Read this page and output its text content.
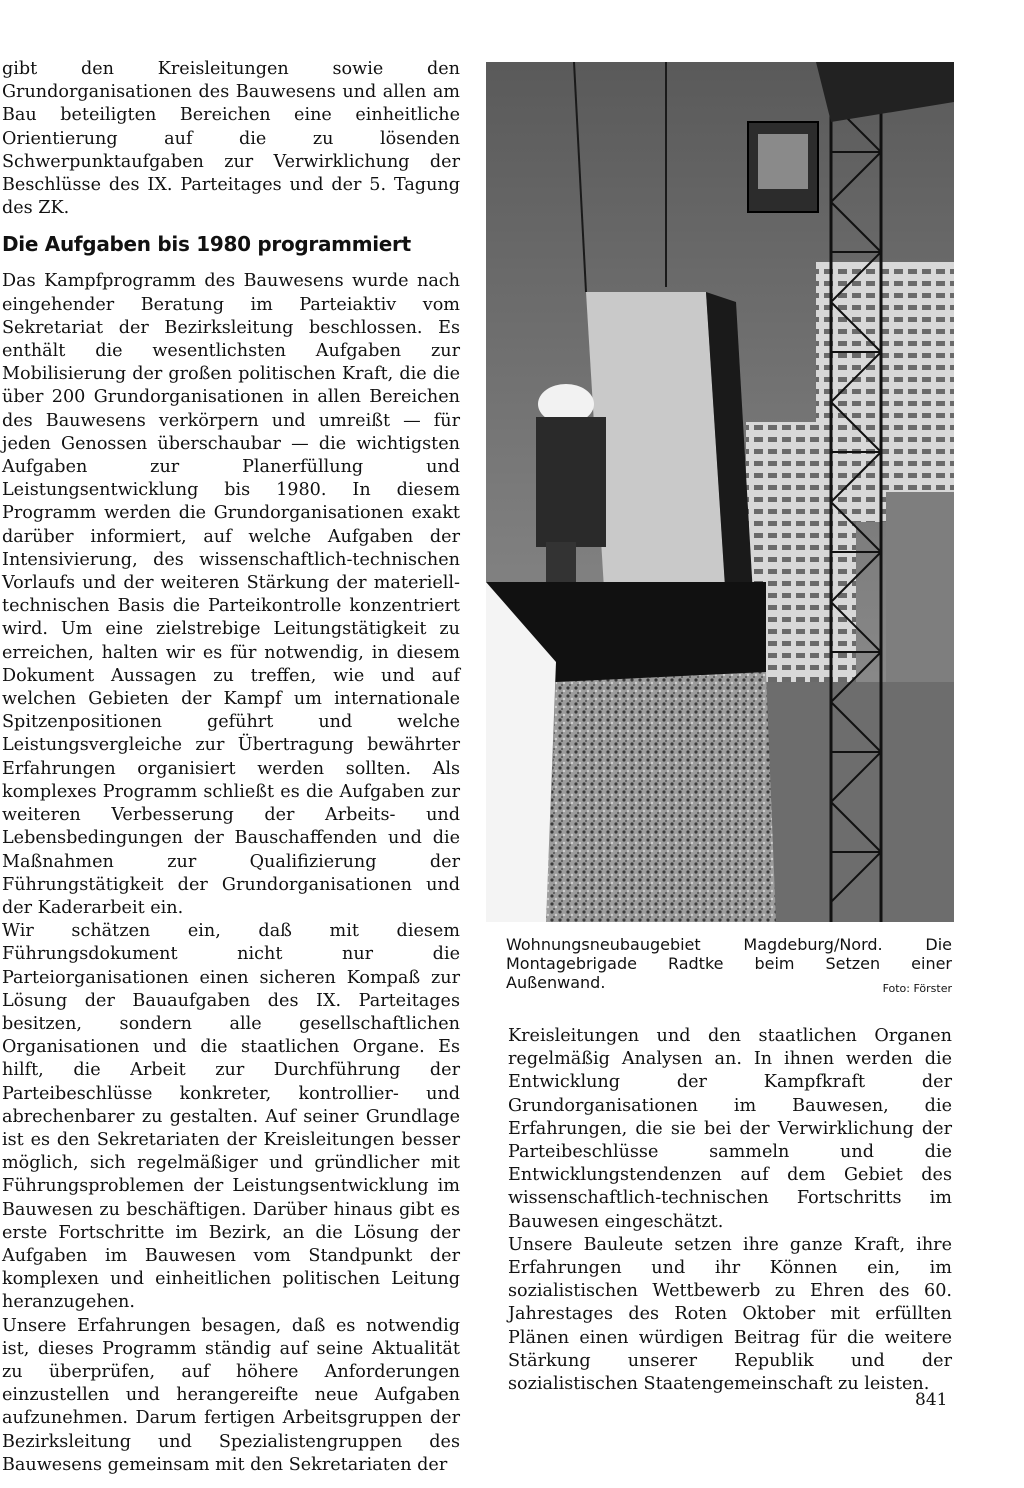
gibt den Kreisleitungen sowie den Grundorganisationen des Bauwesens und allen am Bau beteiligten Bereichen eine einheitliche Orientierung auf die zu lösenden Schwerpunktaufgaben zur Verwirklichung der Beschlüsse des IX. Parteitages und der 5. Tagung des ZK.

Die Aufgaben bis 1980 programmiert

Das Kampfprogramm des Bauwesens wurde nach eingehender Beratung im Parteiaktiv vom Sekretariat der Bezirksleitung beschlossen. Es enthält die wesentlichsten Aufgaben zur Mobilisierung der großen politischen Kraft, die die über 200 Grundorganisationen in allen Bereichen des Bauwesens verkörpern und umreißt — für jeden Genossen überschaubar — die wichtigsten Aufgaben zur Planerfüllung und Leistungsentwicklung bis 1980. In diesem Programm werden die Grundorganisationen exakt darüber informiert, auf welche Aufgaben der Intensivierung, des wissenschaftlich-technischen Vorlaufs und der weiteren Stärkung der materiell-technischen Basis die Parteikontrolle konzentriert wird. Um eine zielstrebige Leitungstätigkeit zu erreichen, halten wir es für notwendig, in diesem Dokument Aussagen zu treffen, wie und auf welchen Gebieten der Kampf um internationale Spitzenpositionen geführt und welche Leistungsvergleiche zur Übertragung bewährter Erfahrungen organisiert werden sollten. Als komplexes Programm schließt es die Aufgaben zur weiteren Verbesserung der Arbeits- und Lebensbedingungen der Bauschaffenden und die Maßnahmen zur Qualifizierung der Führungstätigkeit der Grundorganisationen und der Kaderarbeit ein.

Wir schätzen ein, daß mit diesem Führungsdokument nicht nur die Parteiorganisationen einen sicheren Kompaß zur Lösung der Bauaufgaben des IX. Parteitages besitzen, sondern alle gesellschaftlichen Organisationen und die staatlichen Organe. Es hilft, die Arbeit zur Durchführung der Parteibeschlüsse konkreter, kontrollier- und abrechenbarer zu gestalten. Auf seiner Grundlage ist es den Sekretariaten der Kreisleitungen besser möglich, sich regelmäßiger und gründlicher mit Führungsproblemen der Leistungsentwicklung im Bauwesen zu beschäftigen. Darüber hinaus gibt es erste Fortschritte im Bezirk, an die Lösung der Aufgaben im Bauwesen vom Standpunkt der komplexen und einheitlichen politischen Leitung heranzugehen.

Unsere Erfahrungen besagen, daß es notwendig ist, dieses Programm ständig auf seine Aktualität zu überprüfen, auf höhere Anforderungen einzustellen und herangereifte neue Aufgaben aufzunehmen. Darum fertigen Arbeitsgruppen der Bezirksleitung und Spezialistengruppen des Bauwesens gemeinsam mit den Sekretariaten der

Wohnungsneubaugebiet Magdeburg/Nord. Die Montagebrigade Radtke beim Setzen einer Außenwand.	Foto: Förster

Kreisleitungen und den staatlichen Organen regelmäßig Analysen an. In ihnen werden die Entwicklung der Kampfkraft der Grundorganisationen im Bauwesen, die Erfahrungen, die sie bei der Verwirklichung der Parteibeschlüsse sammeln und die Entwicklungstendenzen auf dem Gebiet des wissenschaftlich-technischen Fortschritts im Bauwesen eingeschätzt.

Unsere Bauleute setzen ihre ganze Kraft, ihre Erfahrungen und ihr Können ein, im sozialistischen Wettbewerb zu Ehren des 60. Jahrestages des Roten Oktober mit erfüllten Plänen einen würdigen Beitrag für die weitere Stärkung unserer Republik und der sozialistischen Staatengemeinschaft zu leisten.

841
